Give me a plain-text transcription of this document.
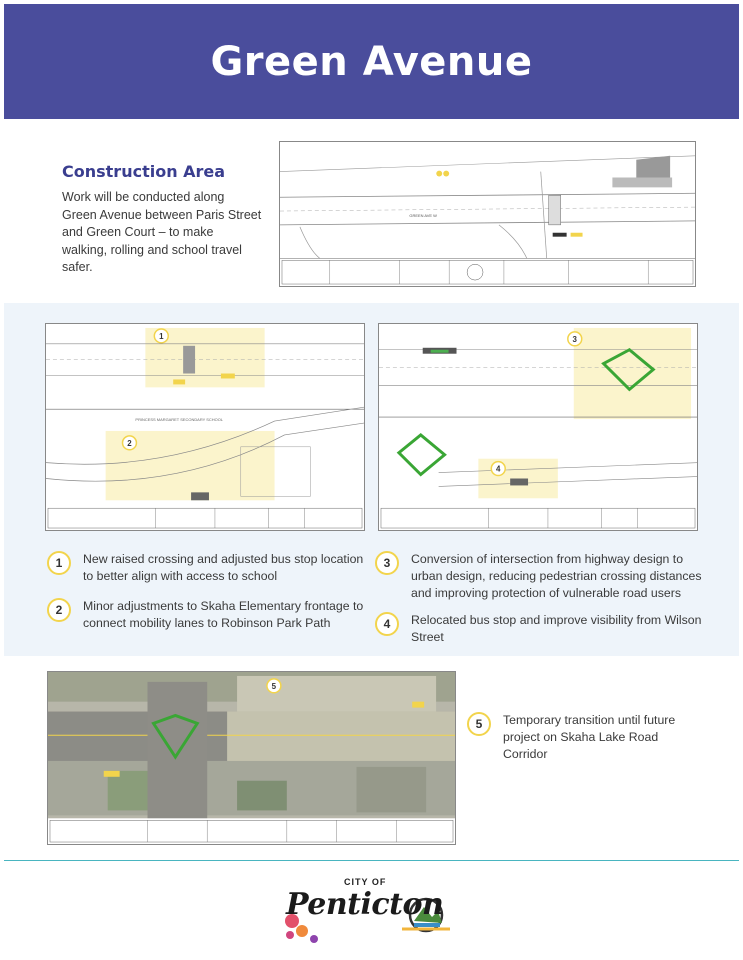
Green Avenue
Construction Area
Work will be conducted along Green Avenue between Paris Street and Green Court – to make walking, rolling and school travel safer.
GREEN AVE W
PRINCESS MARGARET SECONDARY SCHOOL
1
2
3
4
1	New raised crossing and adjusted bus stop location to better align with access to school
2	Minor adjustments to Skaha Elementary frontage to connect mobility lanes to Robinson Park Path
3	Conversion of intersection from highway design to urban design, reducing pedestrian crossing distances and improving protection of vulnerable road users
4	Relocated bus stop and improve visibility from Wilson Street
5
5	Temporary transition until future project on Skaha Lake Road Corridor
CITY OF
Penticton
